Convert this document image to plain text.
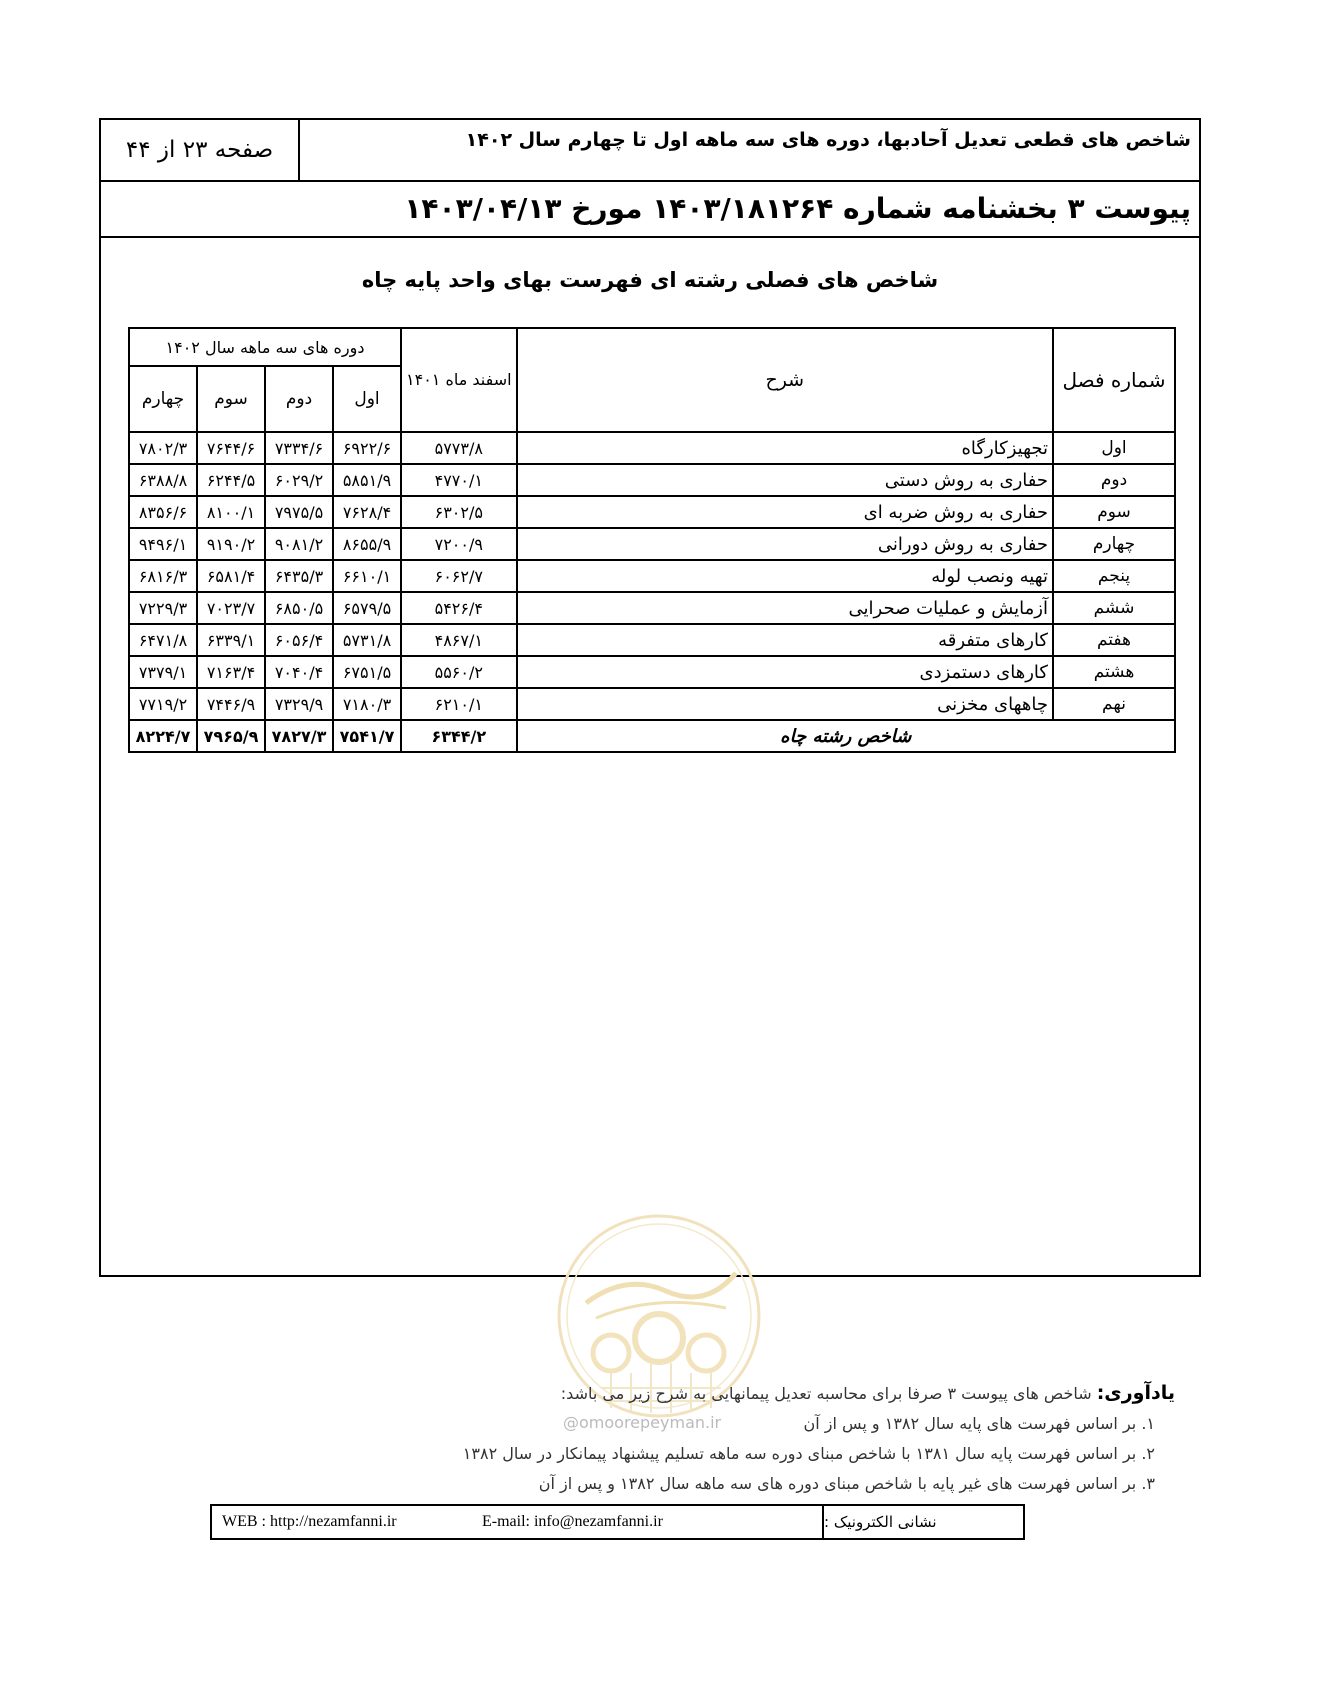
شاخص های قطعی تعدیل آحادبها، دوره های سه ماهه اول تا چهارم سال ۱۴۰۲
صفحه ۲۳ از ۴۴
پیوست ۳ بخشنامه شماره ۱۴۰۳/۱۸۱۲۶۴ مورخ ۱۴۰۳/۰۴/۱۳
شاخص های فصلی رشته ای فهرست بهای واحد پایه چاه
شماره فصل	شرح	اسفند ماه ۱۴۰۱	دوره های سه ماهه سال ۱۴۰۲			
			اول	دوم	سوم	چهارم
اول	تجهیزکارگاه	۵۷۷۳/۸	۶۹۲۲/۶	۷۳۳۴/۶	۷۶۴۴/۶	۷۸۰۲/۳
دوم	حفاری به روش دستی	۴۷۷۰/۱	۵۸۵۱/۹	۶۰۲۹/۲	۶۲۴۴/۵	۶۳۸۸/۸
سوم	حفاری به روش ضربه ای	۶۳۰۲/۵	۷۶۲۸/۴	۷۹۷۵/۵	۸۱۰۰/۱	۸۳۵۶/۶
چهارم	حفاری به روش دورانی	۷۲۰۰/۹	۸۶۵۵/۹	۹۰۸۱/۲	۹۱۹۰/۲	۹۴۹۶/۱
پنجم	تهیه ونصب لوله	۶۰۶۲/۷	۶۶۱۰/۱	۶۴۳۵/۳	۶۵۸۱/۴	۶۸۱۶/۳
ششم	آزمایش و عملیات صحرایی	۵۴۲۶/۴	۶۵۷۹/۵	۶۸۵۰/۵	۷۰۲۳/۷	۷۲۲۹/۳
هفتم	کارهای متفرقه	۴۸۶۷/۱	۵۷۳۱/۸	۶۰۵۶/۴	۶۳۳۹/۱	۶۴۷۱/۸
هشتم	کارهای دستمزدی	۵۵۶۰/۲	۶۷۵۱/۵	۷۰۴۰/۴	۷۱۶۳/۴	۷۳۷۹/۱
نهم	چاههای مخزنی	۶۲۱۰/۱	۷۱۸۰/۳	۷۳۲۹/۹	۷۴۴۶/۹	۷۷۱۹/۲
شاخص رشته چاه		۶۳۴۴/۲	۷۵۴۱/۷	۷۸۲۷/۳	۷۹۶۵/۹	۸۲۲۴/۷
یادآوری: شاخص های پیوست ۳ صرفا برای محاسبه تعدیل پیمانهایی به شرح زیر می باشد:
۱. بر اساس فهرست های پایه سال ۱۳۸۲ و پس از آن
۲. بر اساس فهرست پایه سال ۱۳۸۱ با شاخص مبنای دوره سه ماهه تسلیم پیشنهاد پیمانکار در سال ۱۳۸۲
۳. بر اساس فهرست های غیر پایه با شاخص مبنای دوره های سه ماهه سال ۱۳۸۲ و پس از آن
@omoorepeyman.ir
WEB : http://nezamfanni.ir	E-mail: info@nezamfanni.ir	نشانی الکترونیک :
